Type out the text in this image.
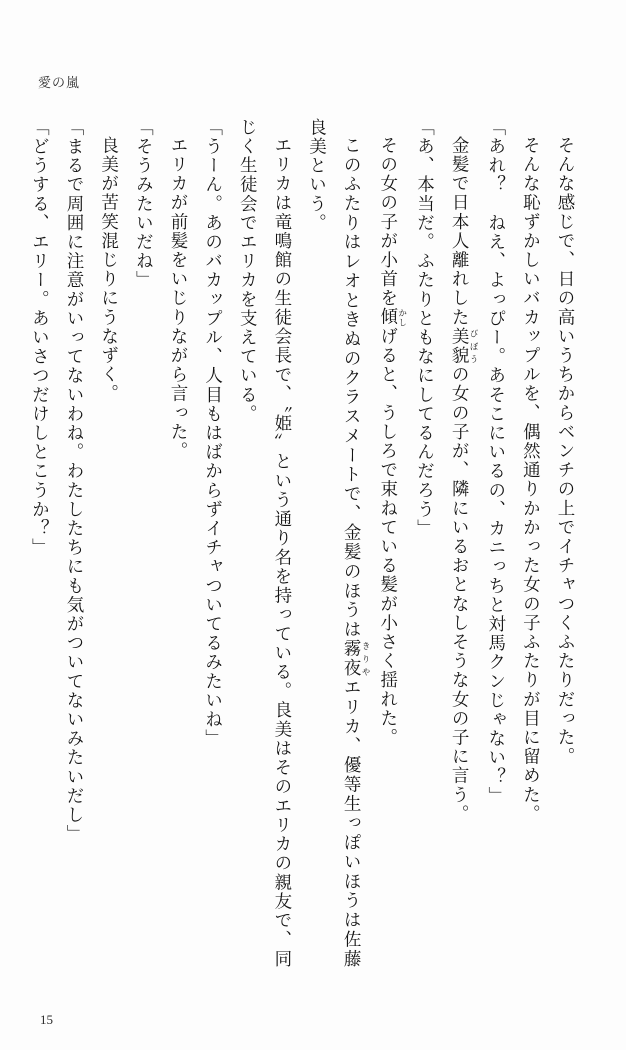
愛の嵐

そんな感じで、日の高いうちからベンチの上でイチャつくふたりだった。

そんな恥ずかしいバカップルを、偶然通りかかった女の子ふたりが目に留めた。

「あれ？　ねえ、よっぴー。あそこにいるの、カニっちと対馬クンじゃない？」

金髪で日本人離れした美貌 びぼうの女の子が、隣にいるおとなしそうな女の子に言う。

「あ、本当だ。ふたりともなにしてるんだろう」

その女の子が小首を傾 かしげると、うしろで束ねている髪が小さく揺れた。

このふたりはレオときぬのクラスメートで、金髪のほうは霧夜 きりやエリカ、優等生っぽいほうは佐藤良美という。

エリカは竜鳴館の生徒会長で、〝姫〟という通り名を持っている。良美はそのエリカの親友で、同じく生徒会でエリカを支えている。

「うーん。あのバカップル、人目もはばからずイチャついてるみたいね」

エリカが前髪をいじりながら言った。

「そうみたいだね」

良美が苦笑混じりにうなずく。

「まるで周囲に注意がいってないわね。わたしたちにも気がついてないみたいだし」

「どうする、エリー。あいさつだけしとこうか？」

15
